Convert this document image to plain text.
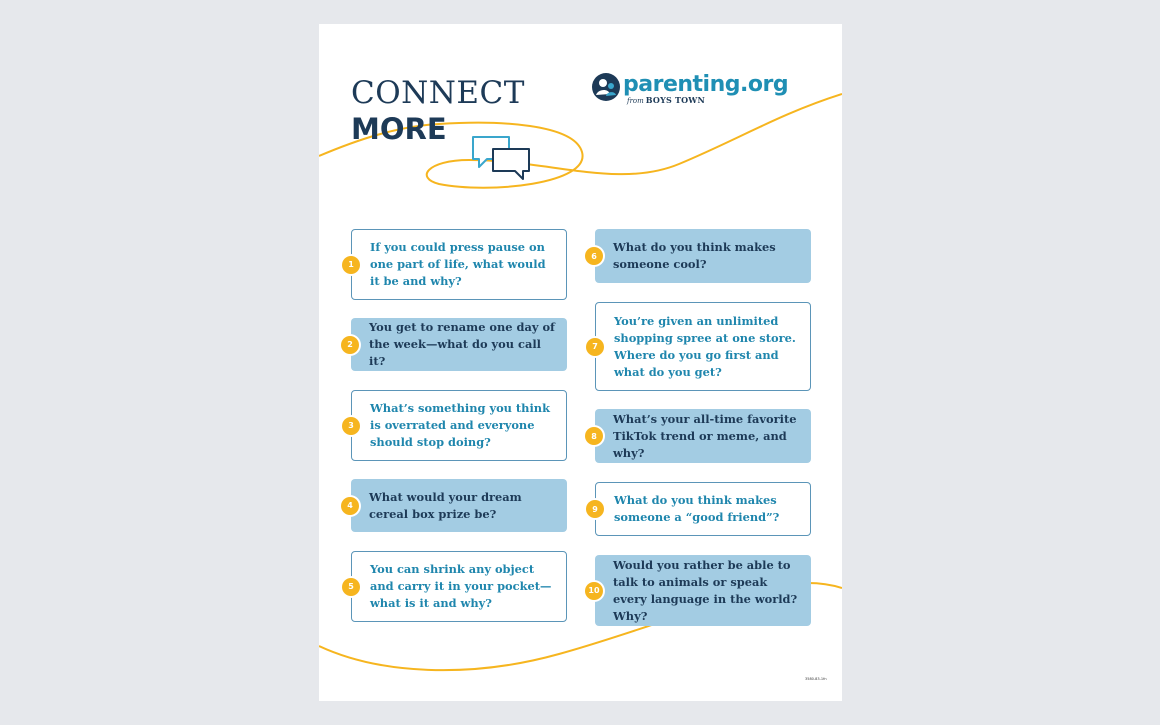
CONNECT
MORE
parenting.org
from BOYS TOWN
1
If you could press pause on one part of life, what would it be and why?
2
You get to rename one day of the week—what do you call it?
3
What’s something you think is overrated and everyone should stop doing?
4
What would your dream cereal box prize be?
5
You can shrink any object and carry it in your pocket—what is it and why?
6
What do you think makes someone cool?
7
You’re given an unlimited shopping spree at one store. Where do you go first and what do you get?
8
What’s your all-time favorite TikTok trend or meme, and why?
9
What do you think makes someone a “good friend”?
10
Would you rather be able to talk to animals or speak every language in the world? Why?
3580-83-1fn
